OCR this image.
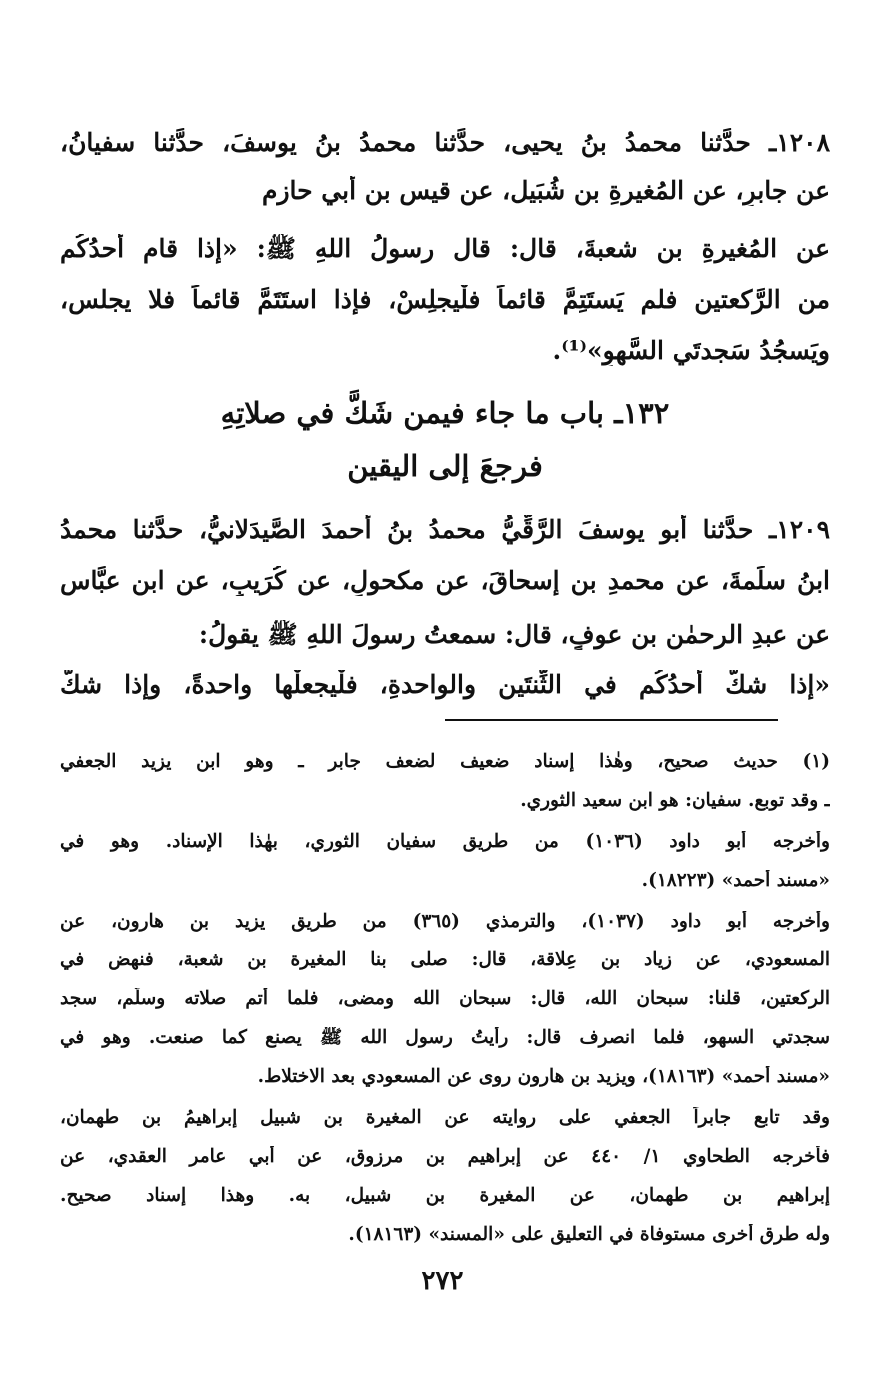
١٢٠٨ـ حدَّثنا محمدُ بنُ يحيى، حدَّثنا محمدُ بنُ يوسفَ، حدَّثنا سفيانُ،
عن جابرٍ، عن المُغيرةِ بنِ شُبَيل، عن قيسِ بنِ أبي حازمٍ
عن المُغيرةِ بنِ شعبةَ، قال: قال رسولُ اللهِ ﷺ: «إذا قام أحدُكُم
من الرَّكعتينِ فلم يَستَتِمَّ قائماً فلْيجلِسْ، فإذا استَتَمَّ قائماً فلا يجلس،
ويَسجُدُ سَجدتَي السَّهوِ»⁽¹⁾.
١٣٢ـ باب ما جاء فيمن شَكَّ في صلاتِهِ
فرجعَ إلى اليقين
١٢٠٩ـ حدَّثنا أبو يوسفَ الرَّقِّيُّ محمدُ بنُ أحمدَ الصَّيدَلانيُّ، حدَّثنا محمدُ
ابنُ سلَمةَ، عن محمدِ بن إسحاقَ، عن مكحولٍ، عن كُرَيبٍ، عن ابنِ عبَّاسٍ
عن عبدِ الرحمٰنِ بنِ عوفٍ، قال: سمعتُ رسولَ اللهِ ﷺ يقولُ:
«إذا شكَّ أحدُكُم في الثِّنتَين والواحدةِ، فلْيجعلْها واحدةً، وإذا شكَّ
(١) حديث صحيح، وهٰذا إسناد ضعيف لضعف جابر ـ وهو ابن يزيد الجعفي
ـ وقد توبع. سفيان: هو ابن سعيد الثوري.
وأخرجه أبو داود (١٠٣٦) من طريق سفيان الثوري، بهٰذا الإسناد. وهو في
«مسند أحمد» (١٨٢٢٣).
وأخرجه أبو داود (١٠٣٧)، والترمذي (٣٦٥) من طريق يزيد بن هارون، عن
المسعودي، عن زياد بن عِلاقة، قال: صلى بنا المغيرة بن شعبة، فنهض في
الركعتين، قلنا: سبحان الله، قال: سبحان الله ومضى، فلما أتم صلاته وسلَّم، سجد
سجدتي السهو، فلما انصرف قال: رأيتُ رسول الله ﷺ يصنع كما صنعت. وهو في
«مسند أحمد» (١٨١٦٣)، ويزيد بن هارون روى عن المسعودي بعد الاختلاط.
وقد تابع جابراً الجعفي على روايته عن المغيرة بن شبيل إبراهيمُ بن طهمان،
فأخرجه الطحاوي ١/ ٤٤٠ عن إبراهيم بن مرزوق، عن أبي عامر العقدي، عن
إبراهيم بن طهمان، عن المغيرة بن شبيل، به. وهذا إسناد صحيح.
وله طرق أخرى مستوفاة في التعليق على «المسند» (١٨١٦٣).
٢٧٢
